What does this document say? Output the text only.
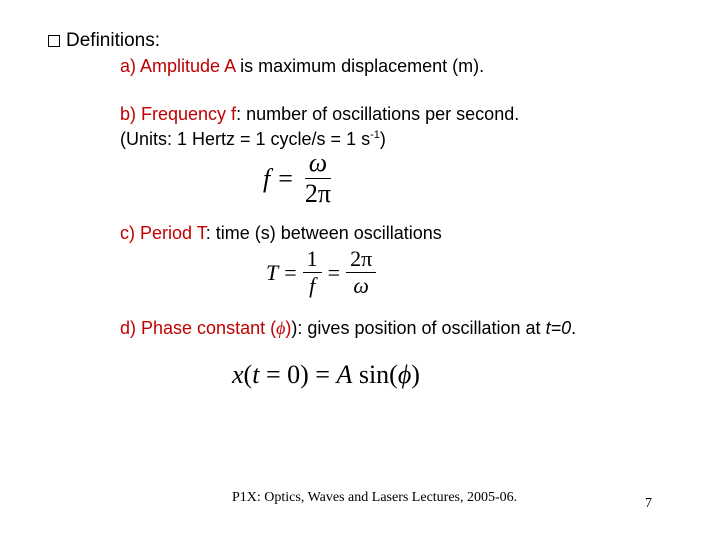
Definitions:
a) Amplitude A is maximum displacement (m).
b) Frequency f: number of oscillations per second.
(Units: 1 Hertz = 1 cycle/s = 1 $s^{-1}$)
$f = \frac{\omega}{2\pi}$
c) Period T: time (s) between oscillations
$T = \frac{1}{f} = \frac{2\pi}{\omega}$
d) Phase constant (ϕ)): gives position of oscillation at t=0.
x(t = 0) = A sin(ϕ)
P1X: Optics, Waves and Lasers Lectures, 2005-06.	7
